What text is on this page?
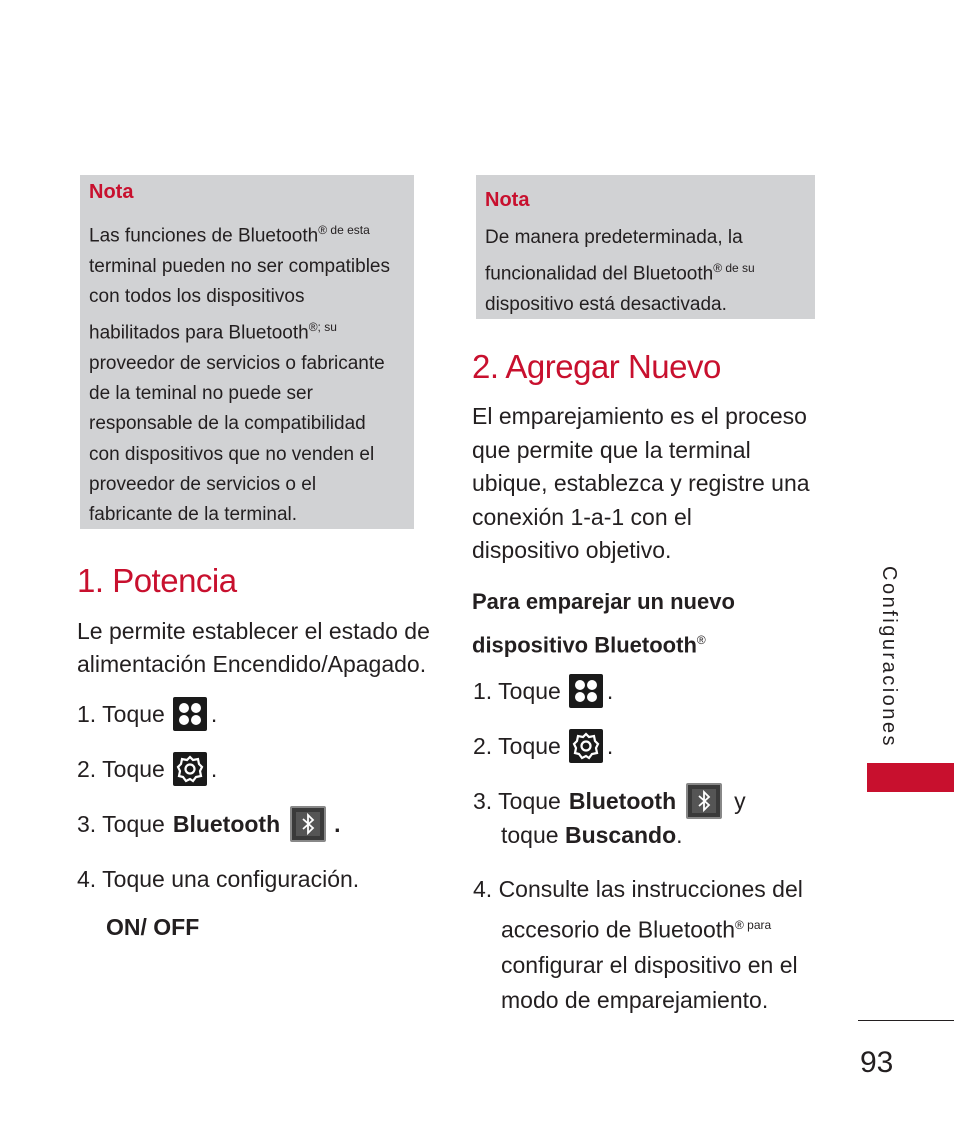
Nota
Las funciones de Bluetooth$^{® de esta}$
terminal pueden no ser compatibles
con todos los dispositivos
habilitados para Bluetooth$^{®; su}$
proveedor de servicios o fabricante
de la teminal no puede ser
responsable de la compatibilidad
con dispositivos que no venden el
proveedor de servicios o el
fabricante de la terminal.
1. Potencia
Le permite establecer el estado de
alimentación Encendido/Apagado.
1. Toque .
2. Toque .
3. Toque Bluetooth .
4. Toque una configuración.
ON/ OFF
Nota
De manera predeterminada, la
funcionalidad del Bluetooth$^{® de su}$
dispositivo está desactivada.
2. Agregar Nuevo
El emparejamiento es el proceso
que permite que la terminal
ubique, establezca y registre una
conexión 1-a-1 con el
dispositivo objetivo.
Para emparejar un nuevo
dispositivo Bluetooth®
1. Toque .
2. Toque .
3. Toque Bluetooth	y
toque Buscando.
4. Consulte las instrucciones del
accesorio de Bluetooth$^{® para}$
configurar el dispositivo en el
modo de emparejamiento.
Configuraciones
93
